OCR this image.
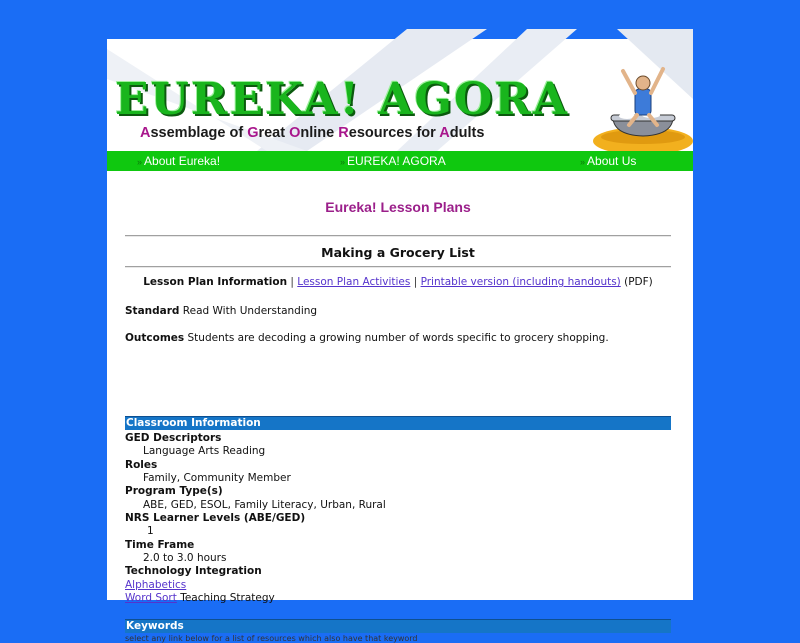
EUREKA! AGORA
Assemblage of Great Online Resources for Adults
» About Eureka!	» EUREKA! AGORA	» About Us
Eureka! Lesson Plans
Making a Grocery List
Lesson Plan Information | Lesson Plan Activities | Printable version (including handouts) (PDF)
Standard Read With Understanding
Outcomes Students are decoding a growing number of words specific to grocery shopping.
Classroom Information
GED Descriptors
Language Arts Reading
Roles
Family, Community Member
Program Type(s)
ABE, GED, ESOL, Family Literacy, Urban, Rural
NRS Learner Levels (ABE/GED)
1
Time Frame
2.0 to 3.0 hours
Technology Integration
Alphabetics
Word Sort Teaching Strategy
Keywords
select any link below for a list of resources which also have that keyword
